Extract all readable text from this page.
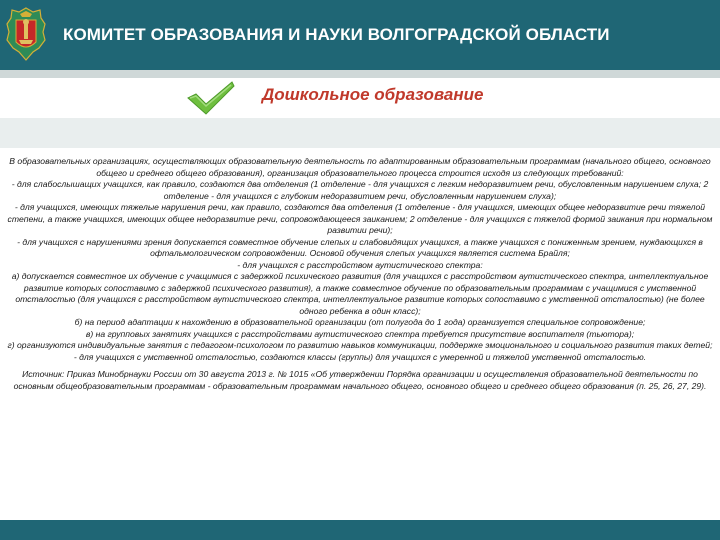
КОМИТЕТ ОБРАЗОВАНИЯ И НАУКИ ВОЛГОГРАДСКОЙ ОБЛАСТИ
Дошкольное образование

В образовательных организациях, осуществляющих образовательную деятельность по адаптированным образовательным программам (начального общего, основного общего и среднего общего образования), организация образовательного процесса строится исходя из следующих требований:

- для слабослышащих учащихся, как правило, создаются два отделения (1 отделение - для учащихся с легким недоразвитием речи, обусловленным нарушением слуха; 2 отделение - для учащихся с глубоким недоразвитием речи, обусловленным нарушением слуха);

- для учащихся, имеющих тяжелые нарушения речи, как правило, создаются два отделения (1 отделение - для учащихся, имеющих общее недоразвитие речи тяжелой степени, а также учащихся, имеющих общее недоразвитие речи, сопровождающееся заиканием; 2 отделение - для учащихся с тяжелой формой заикания при нормальном развитии речи);

- для учащихся с нарушениями зрения допускается совместное обучение слепых и слабовидящих учащихся, а также учащихся с пониженным зрением, нуждающихся в офтальмологическом сопровождении. Основой обучения слепых учащихся является система Брайля;

- для учащихся с расстройством аутистического спектра:

а) допускается совместное их обучение с учащимися с задержкой психического развития (для учащихся с расстройством аутистического спектра, интеллектуальное развитие которых сопоставимо с задержкой психического развития), а также совместное обучение по образовательным программам с учащимися с умственной отсталостью (для учащихся с расстройством аутистического спектра, интеллектуальное развитие которых сопоставимо с умственной отсталостью) (не более одного ребенка в один класс);

б) на период адаптации к нахождению в образовательной организации (от полугода до 1 года) организуется специальное сопровождение;

в) на групповых занятиях учащихся с расстройствами аутистического спектра требуется присутствие воспитателя (тьютора);

г) организуются индивидуальные занятия с педагогом-психологом по развитию навыков коммуникации, поддержке эмоционального и социального развития таких детей;

- для учащихся с умственной отсталостью, создаются классы (группы) для учащихся с умеренной и тяжелой умственной отсталостью.

Источник: Приказ Минобрнауки России от 30 августа 2013 г. № 1015 «Об утверждении Порядка организации и осуществления образовательной деятельности по основным общеобразовательным программам - образовательным программам начального общего, основного общего и среднего общего образования (п. 25, 26, 27, 29).
